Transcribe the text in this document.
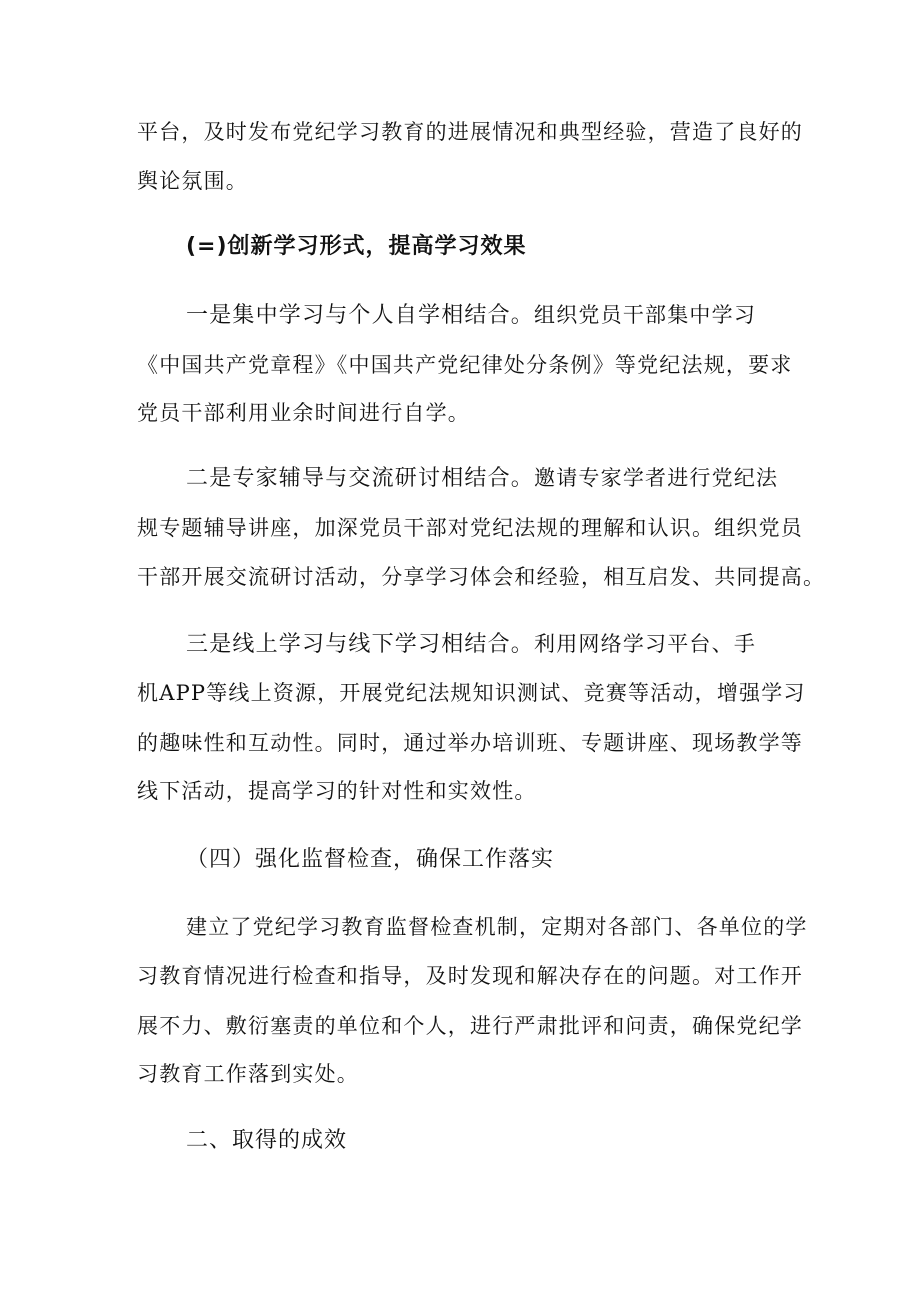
平台，及时发布党纪学习教育的进展情况和典型经验，营造了良好的
舆论氛围。
(=)创新学习形式，提高学习效果
一是集中学习与个人自学相结合。组织党员干部集中学习
《中国共产党章程》《中国共产党纪律处分条例》等党纪法规，要求
党员干部利用业余时间进行自学。
二是专家辅导与交流研讨相结合。邀请专家学者进行党纪法
规专题辅导讲座，加深党员干部对党纪法规的理解和认识。组织党员
干部开展交流研讨活动，分享学习体会和经验，相互启发、共同提高。
三是线上学习与线下学习相结合。利用网络学习平台、手
机APP等线上资源，开展党纪法规知识测试、竞赛等活动，增强学习
的趣味性和互动性。同时，通过举办培训班、专题讲座、现场教学等
线下活动，提高学习的针对性和实效性。
（四）强化监督检查，确保工作落实
建立了党纪学习教育监督检查机制，定期对各部门、各单位的学
习教育情况进行检查和指导，及时发现和解决存在的问题。对工作开
展不力、敷衍塞责的单位和个人，进行严肃批评和问责，确保党纪学
习教育工作落到实处。
二、取得的成效
